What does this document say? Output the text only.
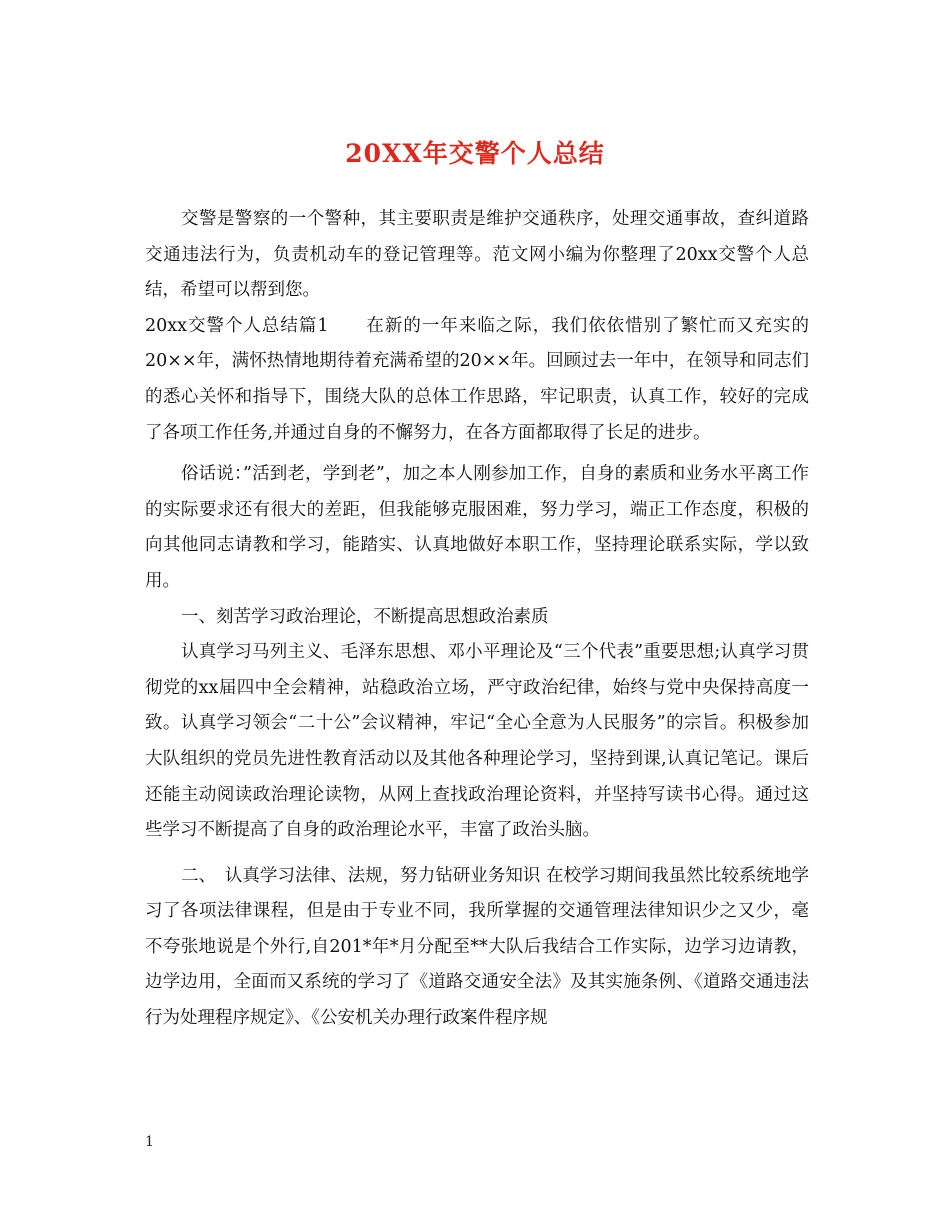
20XX年交警个人总结

交警是警察的一个警种，其主要职责是维护交通秩序，处理交通事故，查纠道路交通违法行为，负责机动车的登记管理等。范文网小编为你整理了20xx交警个人总结，希望可以帮到您。

20xx交警个人总结篇1　　在新的一年来临之际，我们依依惜别了繁忙而又充实的20××年，满怀热情地期待着充满希望的20××年。回顾过去一年中，在领导和同志们的悉心关怀和指导下，围绕大队的总体工作思路，牢记职责，认真工作，较好的完成了各项工作任务,并通过自身的不懈努力，在各方面都取得了长足的进步。

俗话说：”活到老，学到老”，加之本人刚参加工作，自身的素质和业务水平离工作的实际要求还有很大的差距，但我能够克服困难，努力学习，端正工作态度，积极的向其他同志请教和学习，能踏实、认真地做好本职工作，坚持理论联系实际，学以致用。

一、刻苦学习政治理论，不断提高思想政治素质

认真学习马列主义、毛泽东思想、邓小平理论及“三个代表”重要思想;认真学习贯彻党的xx届四中全会精神，站稳政治立场，严守政治纪律，始终与党中央保持高度一致。认真学习领会“二十公”会议精神，牢记“全心全意为人民服务”的宗旨。积极参加大队组织的党员先进性教育活动以及其他各种理论学习，坚持到课,认真记笔记。课后还能主动阅读政治理论读物，从网上查找政治理论资料，并坚持写读书心得。通过这些学习不断提高了自身的政治理论水平，丰富了政治头脑。

二、　认真学习法律、法规，努力钻研业务知识 在校学习期间我虽然比较系统地学习了各项法律课程，但是由于专业不同，我所掌握的交通管理法律知识少之又少，毫不夸张地说是个外行,自201*年*月分配至**大队后我结合工作实际，边学习边请教，边学边用，全面而又系统的学习了《道路交通安全法》及其实施条例、《道路交通违法行为处理程序规定》、《公安机关办理行政案件程序规

1
